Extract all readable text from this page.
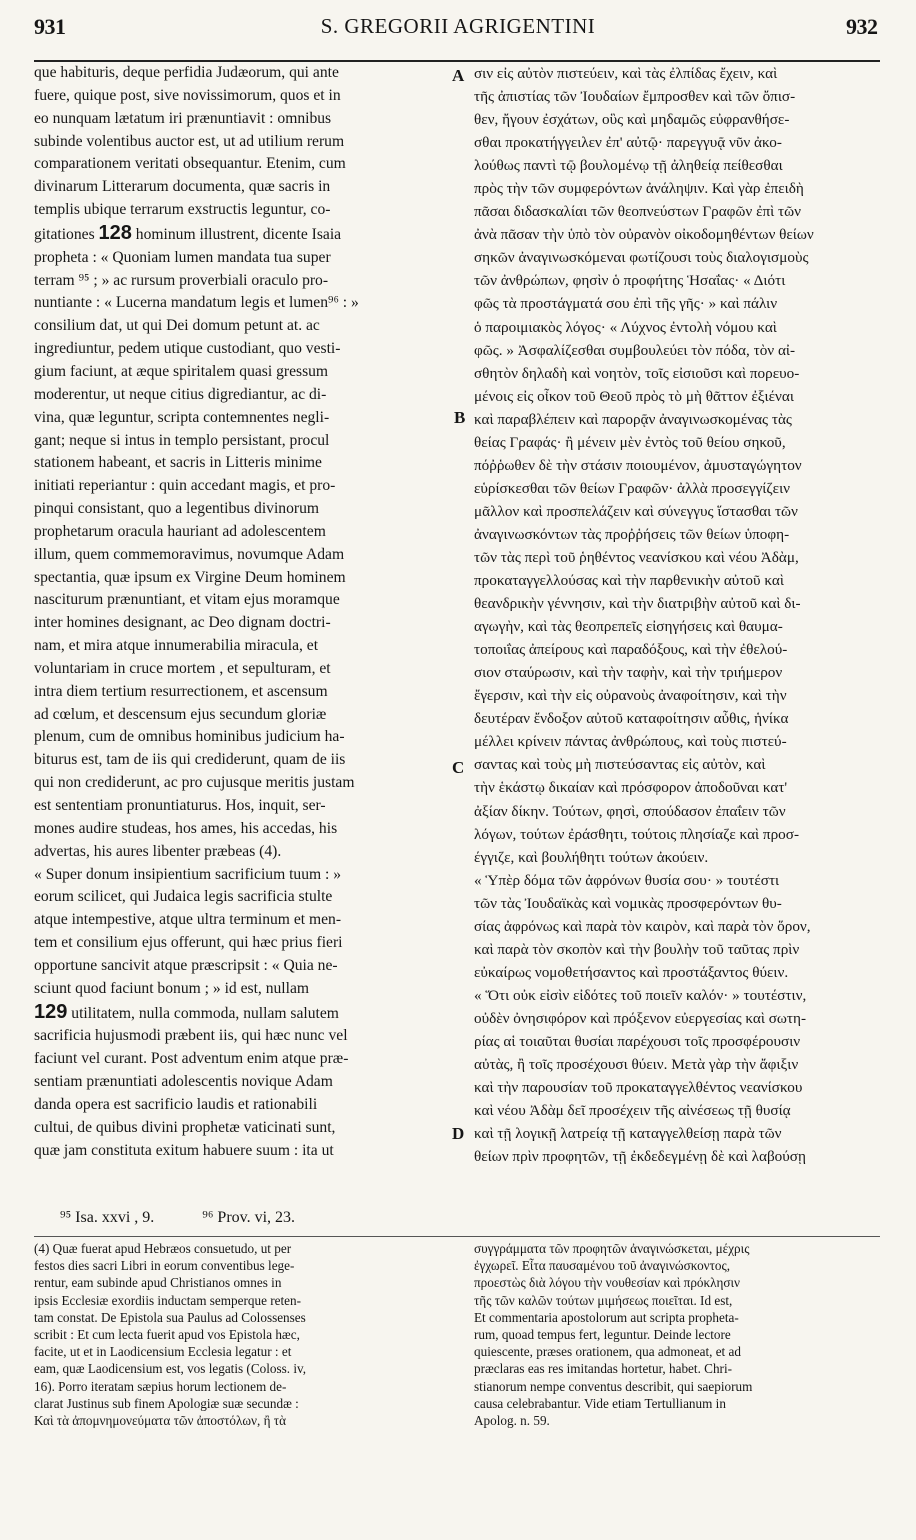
931	S. GREGORII AGRIGENTINI	932
que habituris, deque perfidia Judæorum, qui ante
fuere, quique post, sive novissimorum, quos et in
eo nunquam lætatum iri prænuntiavit : omnibus
subinde volentibus auctor est, ut ad utilium rerum
comparationem veritati obsequantur. Etenim, cum
divinarum Litterarum documenta, quæ sacris in
templis ubique terrarum exstructis leguntur, co-
gitationes 128 hominum illustrent, dicente Isaia
propheta : « Quoniam lumen mandata tua super
terram ⁹⁵ ; » ac rursum proverbiali oraculo pro-
nuntiante : « Lucerna mandatum legis et lumen⁹⁶ : »
consilium dat, ut qui Dei domum petunt at. ac
ingrediuntur, pedem utique custodiant, quo vesti-
gium faciunt, at æque spiritalem quasi gressum
moderentur, ut neque citius digrediantur, ac di-
vina, quæ leguntur, scripta contemnentes negli-
gant; neque si intus in templo persistant, procul
stationem habeant, et sacris in Litteris minime
initiati reperiantur : quin accedant magis, et pro-
pinqui consistant, quo a legentibus divinorum
prophetarum oracula hauriant ad adolescentem
illum, quem commemoravimus, novumque Adam
spectantia, quæ ipsum ex Virgine Deum hominem
nasciturum prænuntiant, et vitam ejus moramque
inter homines designant, ac Deo dignam doctri-
nam, et mira atque innumerabilia miracula, et
voluntariam in cruce mortem , et sepulturam, et
intra diem tertium resurrectionem, et ascensum
ad cœlum, et descensum ejus secundum gloriæ
plenum, cum de omnibus hominibus judicium ha-
biturus est, tam de iis qui crediderunt, quam de iis
qui non crediderunt, ac pro cujusque meritis justam
est sententiam pronuntiaturus. Hos, inquit, ser-
mones audire studeas, hos ames, his accedas, his
advertas, his aures libenter præbeas (4).
« Super donum insipientium sacrificium tuum : »
eorum scilicet, qui Judaica legis sacrificia stulte
atque intempestive, atque ultra terminum et men-
tem et consilium ejus offerunt, qui hæc prius fieri
opportune sancivit atque præscripsit : « Quia ne-
sciunt quod faciunt bonum ; » id est, nullam
129 utilitatem, nulla commoda, nullam salutem
sacrificia hujusmodi præbent iis, qui hæc nunc vel
faciunt vel curant. Post adventum enim atque præ-
sentiam prænuntiati adolescentis novique Adam
danda opera est sacrificio laudis et rationabili
cultui, de quibus divini prophetæ vaticinati sunt,
quæ jam constituta exitum habuere suum : ita ut
σιν εἰς αὐτὸν πιστεύειν, καὶ τὰς ἐλπίδας ἔχειν, καὶ
τῆς ἀπιστίας τῶν Ἰουδαίων ἔμπροσθεν καὶ τῶν ὄπισ-
θεν, ἤγουν ἐσχάτων, οὓς καὶ μηδαμῶς εὐφρανθήσε-
σθαι προκατήγγειλεν ἐπ' αὐτῷ· παρεγγυᾷ νῦν ἀκο-
λούθως παντὶ τῷ βουλομένῳ τῇ ἀληθείᾳ πείθεσθαι
πρὸς τὴν τῶν συμφερόντων ἀνάληψιν. Καὶ γὰρ ἐπειδὴ
πᾶσαι διδασκαλίαι τῶν θεοπνεύστων Γραφῶν ἐπὶ τῶν
ἀνὰ πᾶσαν τὴν ὑπὸ τὸν οὐρανὸν οἰκοδομηθέντων θείων
σηκῶν ἀναγινωσκόμεναι φωτίζουσι τοὺς διαλογισμοὺς
τῶν ἀνθρώπων, φησὶν ὁ προφήτης Ἡσαΐας· « Διότι
φῶς τὰ προστάγματά σου ἐπὶ τῆς γῆς· » καὶ πάλιν
ὁ παροιμιακὸς λόγος· « Λύχνος ἐντολὴ νόμου καὶ
φῶς. » Ἀσφαλίζεσθαι συμβουλεύει τὸν πόδα, τὸν αἰ-
σθητὸν δηλαδὴ καὶ νοητὸν, τοῖς εἰσιοῦσι καὶ πορευο-
μένοις εἰς οἶκον τοῦ Θεοῦ πρὸς τὸ μὴ θᾶττον ἐξιέναι
καὶ παραβλέπειν καὶ παρορᾷν ἀναγινωσκομένας τὰς
θείας Γραφάς· ἢ μένειν μὲν ἐντὸς τοῦ θείου σηκοῦ,
πόῤῥωθεν δὲ τὴν στάσιν ποιουμένον, ἀμυσταγώγητον
εὑρίσκεσθαι τῶν θείων Γραφῶν· ἀλλὰ προσεγγίζειν
μᾶλλον καὶ προσπελάζειν καὶ σύνεγγυς ἵστασθαι τῶν
ἀναγινωσκόντων τὰς προῤῥήσεις τῶν θείων ὑποφη-
τῶν τὰς περὶ τοῦ ῥηθέντος νεανίσκου καὶ νέου Ἀδὰμ,
προκαταγγελλούσας καὶ τὴν παρθενικὴν αὐτοῦ καὶ
θεανδρικὴν γέννησιν, καὶ τὴν διατριβὴν αὐτοῦ καὶ δι-
αγωγὴν, καὶ τὰς θεοπρεπεῖς εἰσηγήσεις καὶ θαυμα-
τοποιΐας ἀπείρους καὶ παραδόξους, καὶ τὴν ἐθελού-
σιον σταύρωσιν, καὶ τὴν ταφὴν, καὶ τὴν τριήμερον
ἔγερσιν, καὶ τὴν εἰς οὐρανοὺς ἀναφοίτησιν, καὶ τὴν
δευτέραν ἔνδοξον αὐτοῦ καταφοίτησιν αὖθις, ἡνίκα
μέλλει κρίνειν πάντας ἀνθρώπους, καὶ τοὺς πιστεύ-
σαντας καὶ τοὺς μὴ πιστεύσαντας εἰς αὐτὸν, καὶ
τὴν ἑκάστῳ δικαίαν καὶ πρόσφορον ἀποδοῦναι κατ'
ἀξίαν δίκην. Τούτων, φησὶ, σπούδασον ἐπαΐειν τῶν
λόγων, τούτων ἐράσθητι, τούτοις πλησίαζε καὶ προσ-
έγγιζε, καὶ βουλήθητι τούτων ἀκούειν.
« Ὑπὲρ δόμα τῶν ἀφρόνων θυσία σου· » τουτέστι
τῶν τὰς Ἰουδαϊκὰς καὶ νομικὰς προσφερόντων θυ-
σίας ἀφρόνως καὶ παρὰ τὸν καιρὸν, καὶ παρὰ τὸν ὅρον,
καὶ παρὰ τὸν σκοπὸν καὶ τὴν βουλὴν τοῦ ταῦτας πρὶν
εὐκαίρως νομοθετήσαντος καὶ προστάξαντος θύειν.
« Ὅτι οὐκ εἰσὶν εἰδότες τοῦ ποιεῖν καλόν· » τουτέστιν,
οὐδὲν ὀνησιφόρον καὶ πρόξενον εὐεργεσίας καὶ σωτη-
ρίας αἱ τοιαῦται θυσίαι παρέχουσι τοῖς προσφέρουσιν
αὐτὰς, ἢ τοῖς προσέχουσι θύειν. Μετὰ γὰρ τὴν ἄφιξιν
καὶ τὴν παρουσίαν τοῦ προκαταγγελθέντος νεανίσκου
καὶ νέου Ἀδὰμ δεῖ προσέχειν τῆς αἰνέσεως τῇ θυσίᾳ
καὶ τῇ λογικῇ λατρείᾳ τῇ καταγγελθείσῃ παρὰ τῶν
θείων πρὶν προφητῶν, τῇ ἐκδεδεγμένῃ δὲ καὶ λαβούσῃ
A
B
C
D
⁹⁵ Isa. xxvi , 9.	⁹⁶ Prov. vi, 23.
(4) Quæ fuerat apud Hebræos consuetudo, ut per
festos dies sacri Libri in eorum conventibus lege-
rentur, eam subinde apud Christianos omnes in
ipsis Ecclesiæ exordiis inductam semperque reten-
tam constat. De Epistola sua Paulus ad Colossenses
scribit : Et cum lecta fuerit apud vos Epistola hæc,
facite, ut et in Laodicensium Ecclesia legatur : et
eam, quæ Laodicensium est, vos legatis (Coloss. iv,
16). Porro iteratam sæpius horum lectionem de-
clarat Justinus sub finem Apologiæ suæ secundæ :
Καὶ τὰ ἀπομνημονεύματα τῶν ἀποστόλων, ἢ τὰ
συγγράμματα τῶν προφητῶν ἀναγινώσκεται, μέχρις
ἐγχωρεῖ. Εἶτα παυσαμένου τοῦ ἀναγινώσκοντος,
προεστὼς διὰ λόγου τὴν νουθεσίαν καὶ πρόκλησιν
τῆς τῶν καλῶν τούτων μιμήσεως ποιεῖται. Id est,
Et commentaria apostolorum aut scripta propheta-
rum, quoad tempus fert, leguntur. Deinde lectore
quiescente, præses orationem, qua admoneat, et ad
præclaras eas res imitandas hortetur, habet. Chri-
stianorum nempe conventus describit, qui saepiorum
causa celebrabantur. Vide etiam Tertullianum in
Apolog. n. 59.
